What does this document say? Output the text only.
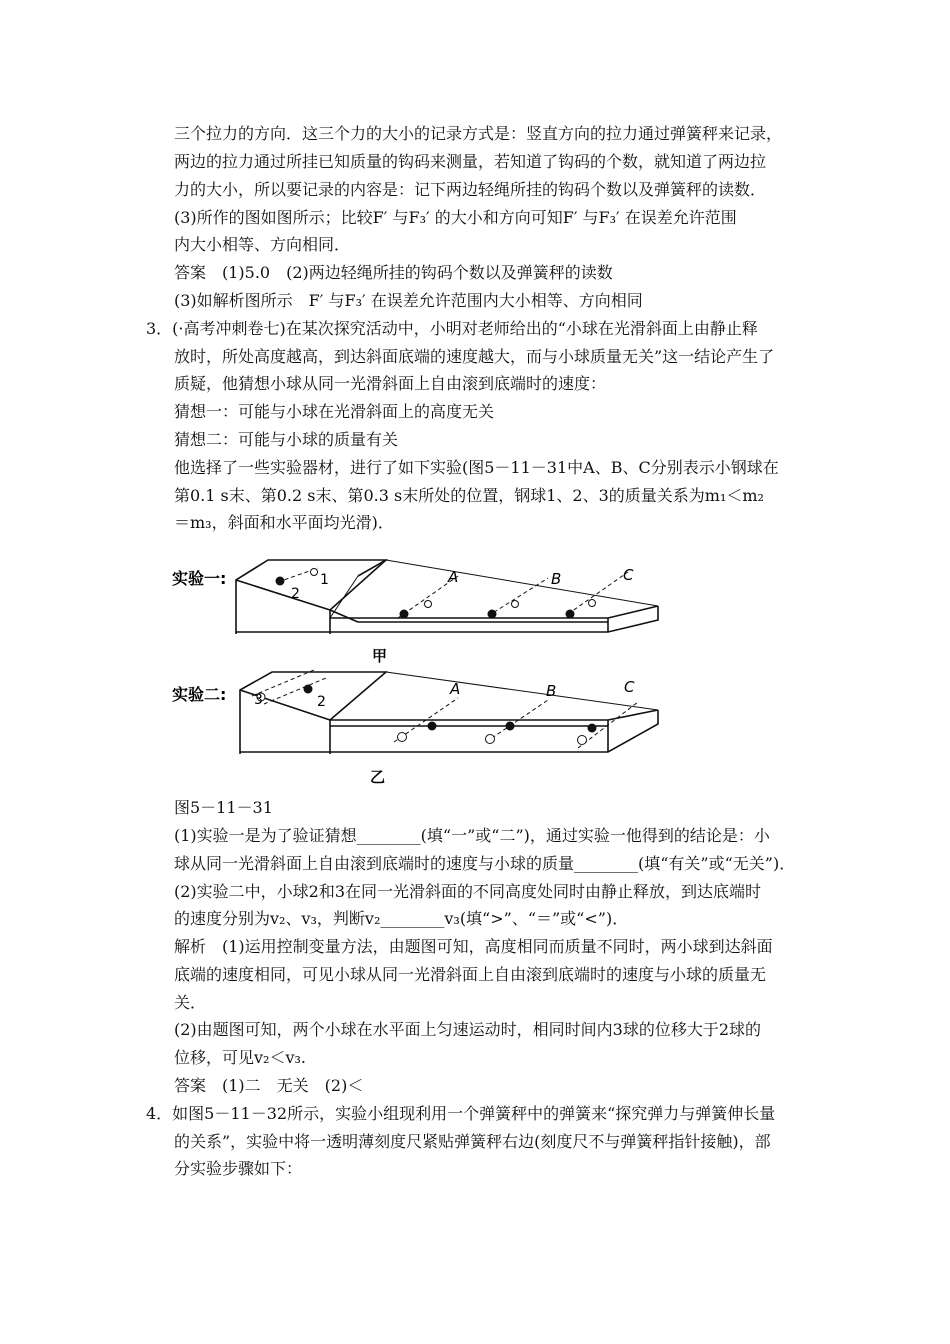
三个拉力的方向．这三个力的大小的记录方式是：竖直方向的拉力通过弹簧秤来记录，
两边的拉力通过所挂已知质量的钩码来测量，若知道了钩码的个数，就知道了两边拉
力的大小，所以要记录的内容是：记下两边轻绳所挂的钩码个数以及弹簧秤的读数．
(3)所作的图如图所示；比较F′ 与F₃′ 的大小和方向可知F′ 与F₃′ 在误差允许范围
内大小相等、方向相同．
答案　(1)5.0　(2)两边轻绳所挂的钩码个数以及弹簧秤的读数
(3)如解析图所示　F′ 与F₃′ 在误差允许范围内大小相等、方向相同
3．(·高考冲刺卷七)在某次探究活动中，小明对老师给出的“小球在光滑斜面上由静止释
放时，所处高度越高，到达斜面底端的速度越大，而与小球质量无关”这一结论产生了
质疑，他猜想小球从同一光滑斜面上自由滚到底端时的速度：
猜想一：可能与小球在光滑斜面上的高度无关
猜想二：可能与小球的质量有关
他选择了一些实验器材，进行了如下实验(图5－11－31中A、B、C分别表示小钢球在
第0.1 s末、第0.2 s末、第0.3 s末所处的位置，钢球1、2、3的质量关系为m₁＜m₂
＝m₃，斜面和水平面均光滑)．
实验一:
2
1	A	B	C
甲
实验二: 3	2
A	B	C
乙
图5－11－31
(1)实验一是为了验证猜想________(填“一”或“二”)，通过实验一他得到的结论是：小
球从同一光滑斜面上自由滚到底端时的速度与小球的质量________(填“有关”或“无关”)．
(2)实验二中，小球2和3在同一光滑斜面的不同高度处同时由静止释放，到达底端时
的速度分别为v₂、v₃，判断v₂________v₃(填“>”、“＝”或“<”)．
解析　(1)运用控制变量方法，由题图可知，高度相同而质量不同时，两小球到达斜面
底端的速度相同，可见小球从同一光滑斜面上自由滚到底端时的速度与小球的质量无
关．
(2)由题图可知，两个小球在水平面上匀速运动时，相同时间内3球的位移大于2球的
位移，可见v₂＜v₃.
答案　(1)二　无关　(2)＜
4．如图5－11－32所示，实验小组现利用一个弹簧秤中的弹簧来“探究弹力与弹簧伸长量
的关系”，实验中将一透明薄刻度尺紧贴弹簧秤右边(刻度尺不与弹簧秤指针接触)，部
分实验步骤如下：
